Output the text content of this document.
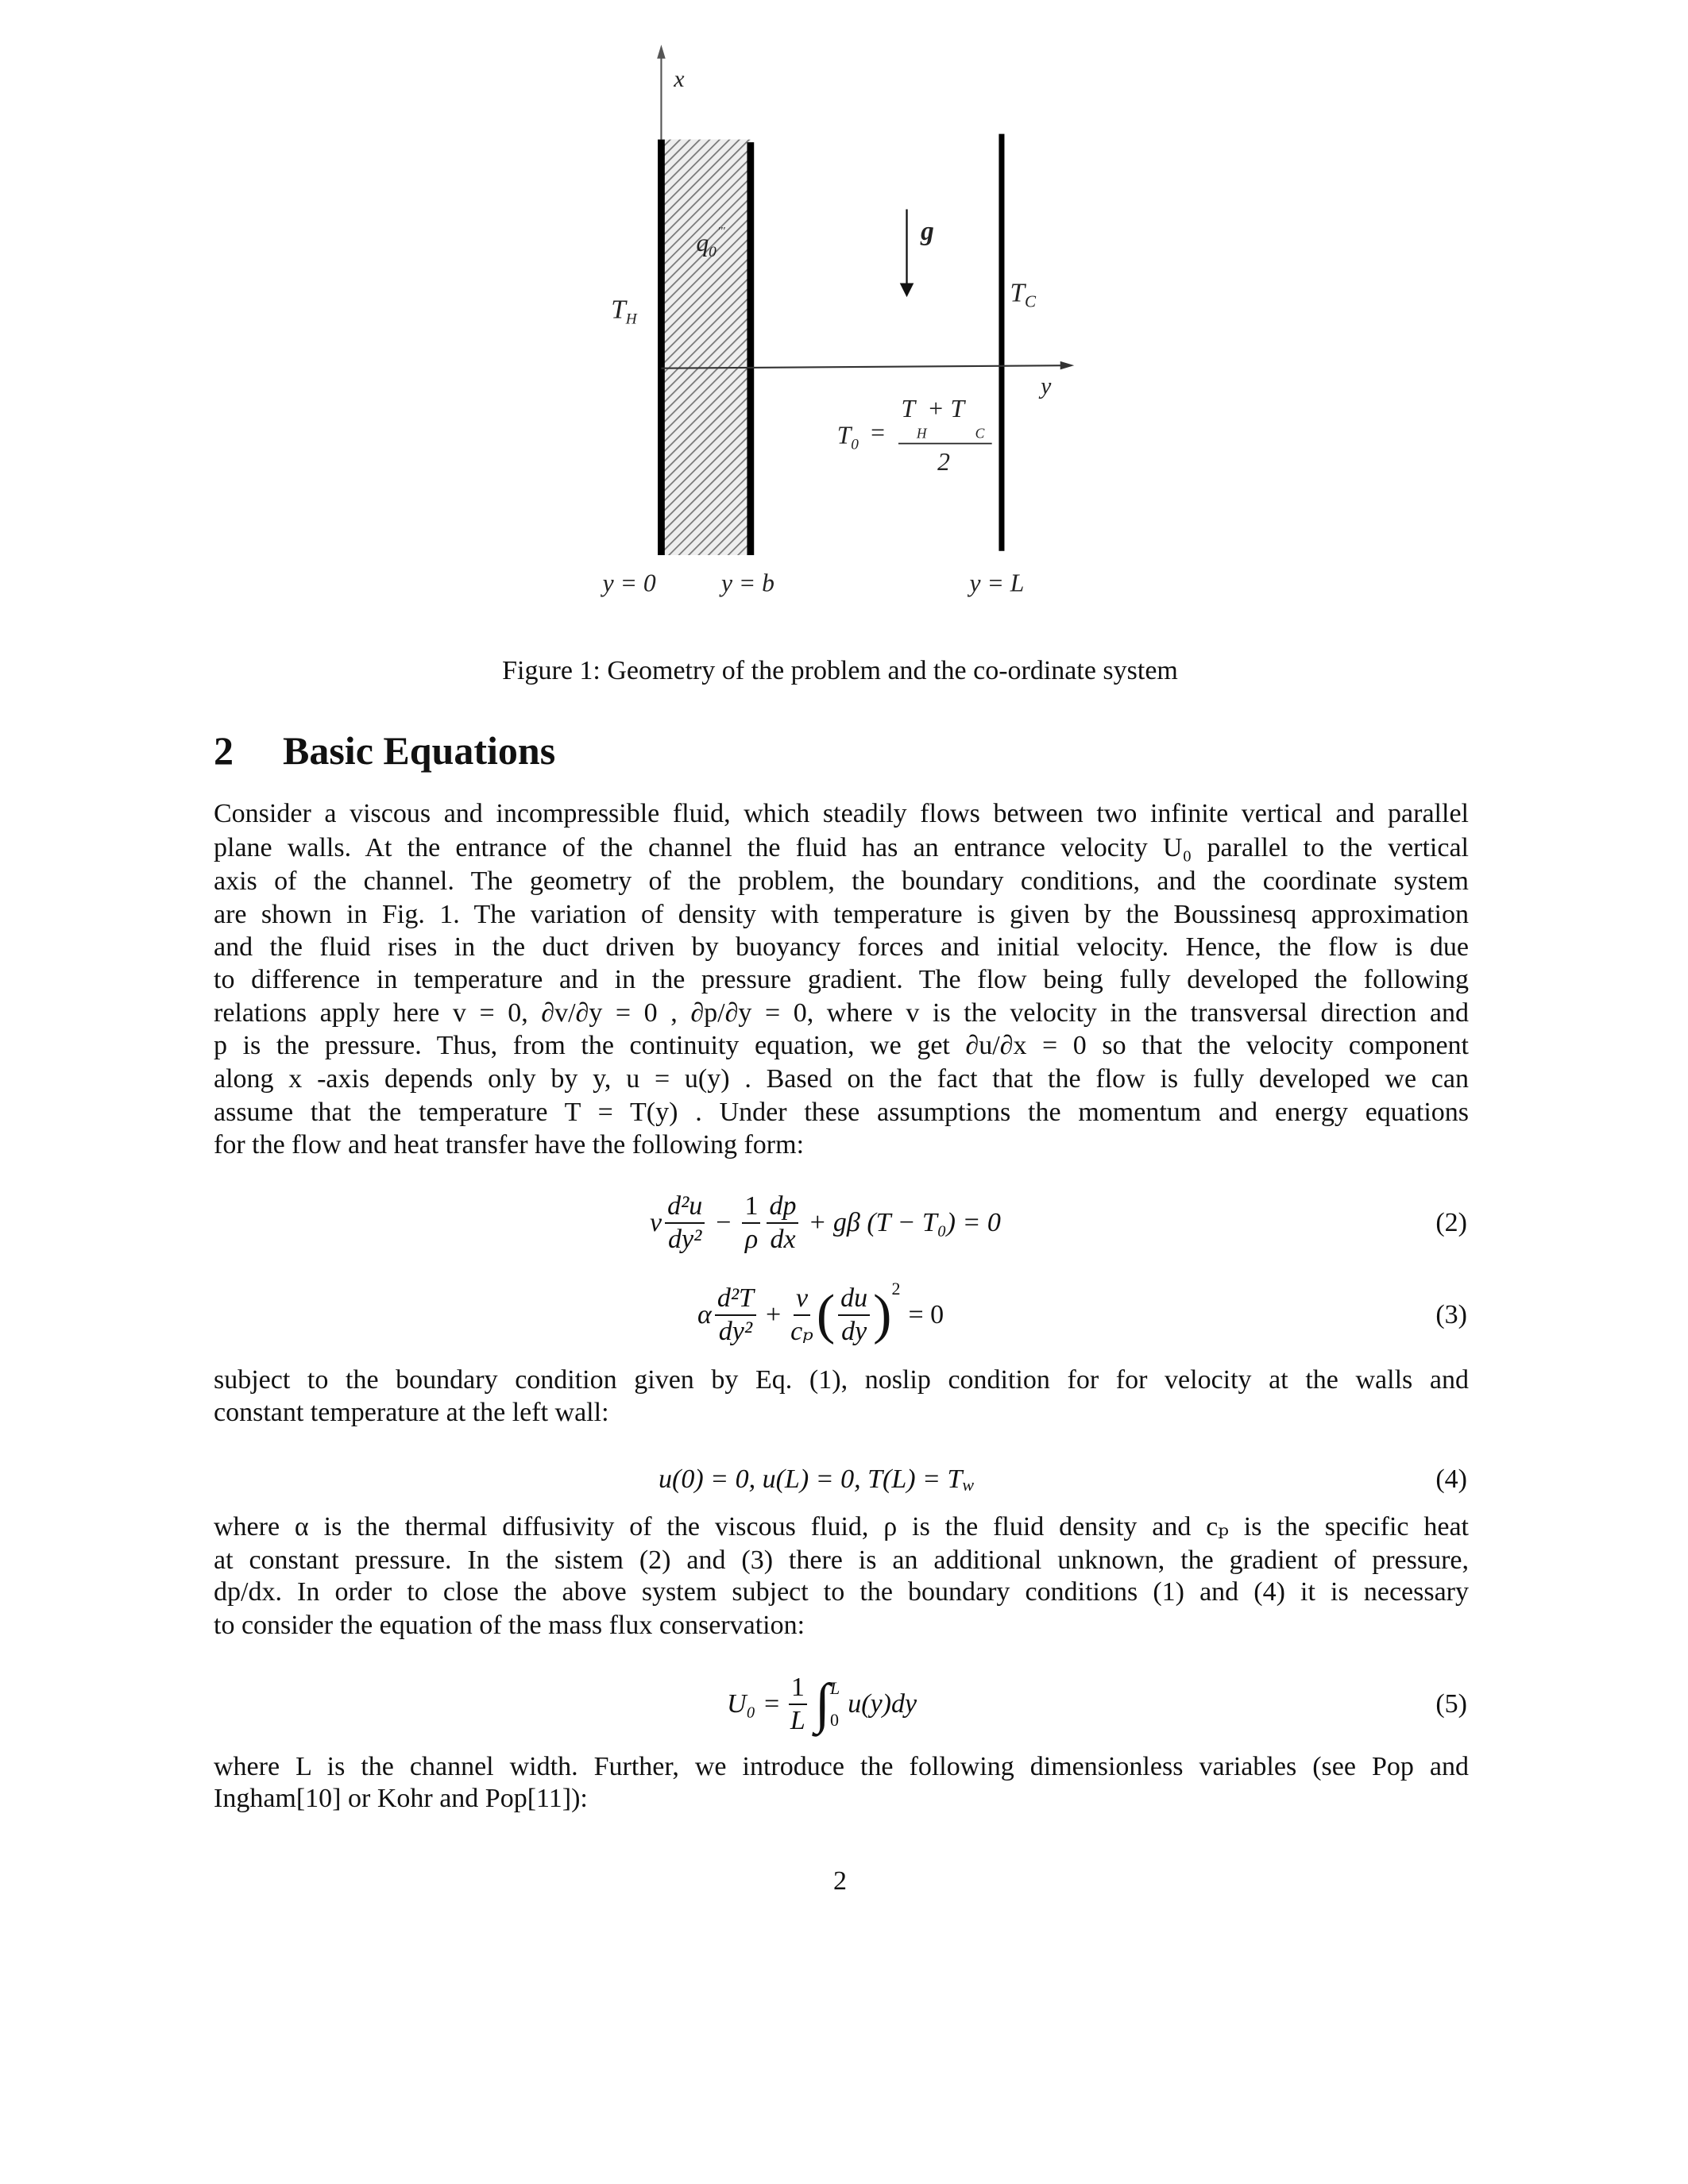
x
$q_0'''$
$T_H$
g
$T_C$
y
$T_0$ =
T  + T
H	C
2
y = 0	y = b	y = L
Figure 1: Geometry of the problem and the co-ordinate system
2 Basic Equations
Consider a viscous and incompressible fluid, which steadily flows between two infinite vertical and parallel
plane walls. At the entrance of the channel the fluid has an entrance velocity U₀ parallel to the vertical
axis of the channel. The geometry of the problem, the boundary conditions, and the coordinate system
are shown in Fig. 1. The variation of density with temperature is given by the Boussinesq approximation
and the fluid rises in the duct driven by buoyancy forces and initial velocity. Hence, the flow is due
to difference in temperature and in the pressure gradient. The flow being fully developed the following
relations apply here v = 0, ∂v/∂y = 0 , ∂p/∂y = 0, where v is the velocity in the transversal direction and
p is the pressure. Thus, from the continuity equation, we get ∂u/∂x = 0 so that the velocity component
along x -axis depends only by y, u = u(y) . Based on the fact that the flow is fully developed we can
assume that the temperature T = T(y) . Under these assumptions the momentum and energy equations
for the flow and heat transfer have the following form:
ν $\frac{\text{d²u}}{\text{dy²}} - \frac{1}{\rho} \frac{dp}{dx} + g\beta$ (T − T₀) = 0	(2)
α $\frac{\text{d²T}}{\text{dy²}} + \frac{\nu}{\text{cₚ}}$ ( $\frac{du}{dy} )^2$
= 0	(3)
subject to the boundary condition given by Eq. (1), noslip condition for for velocity at the walls and
constant temperature at the left wall:
u(0) = 0, u(L) = 0, $T(L) = T_w$	(4)
where α is the thermal diffusivity of the viscous fluid, ρ is the fluid density and cₚ is the specific heat
at constant pressure. In the sistem (2) and (3) there is an additional unknown, the gradient of pressure,
dp/dx. In order to close the above system subject to the boundary conditions (1) and (4) it is necessary
to consider the equation of the mass flux conservation:
$U_0 = \frac{1}{L}$ ∫ L
0
u(y)dy	(5)
where L is the channel width. Further, we introduce the following dimensionless variables (see Pop and
Ingham[10] or Kohr and Pop[11]):
2
